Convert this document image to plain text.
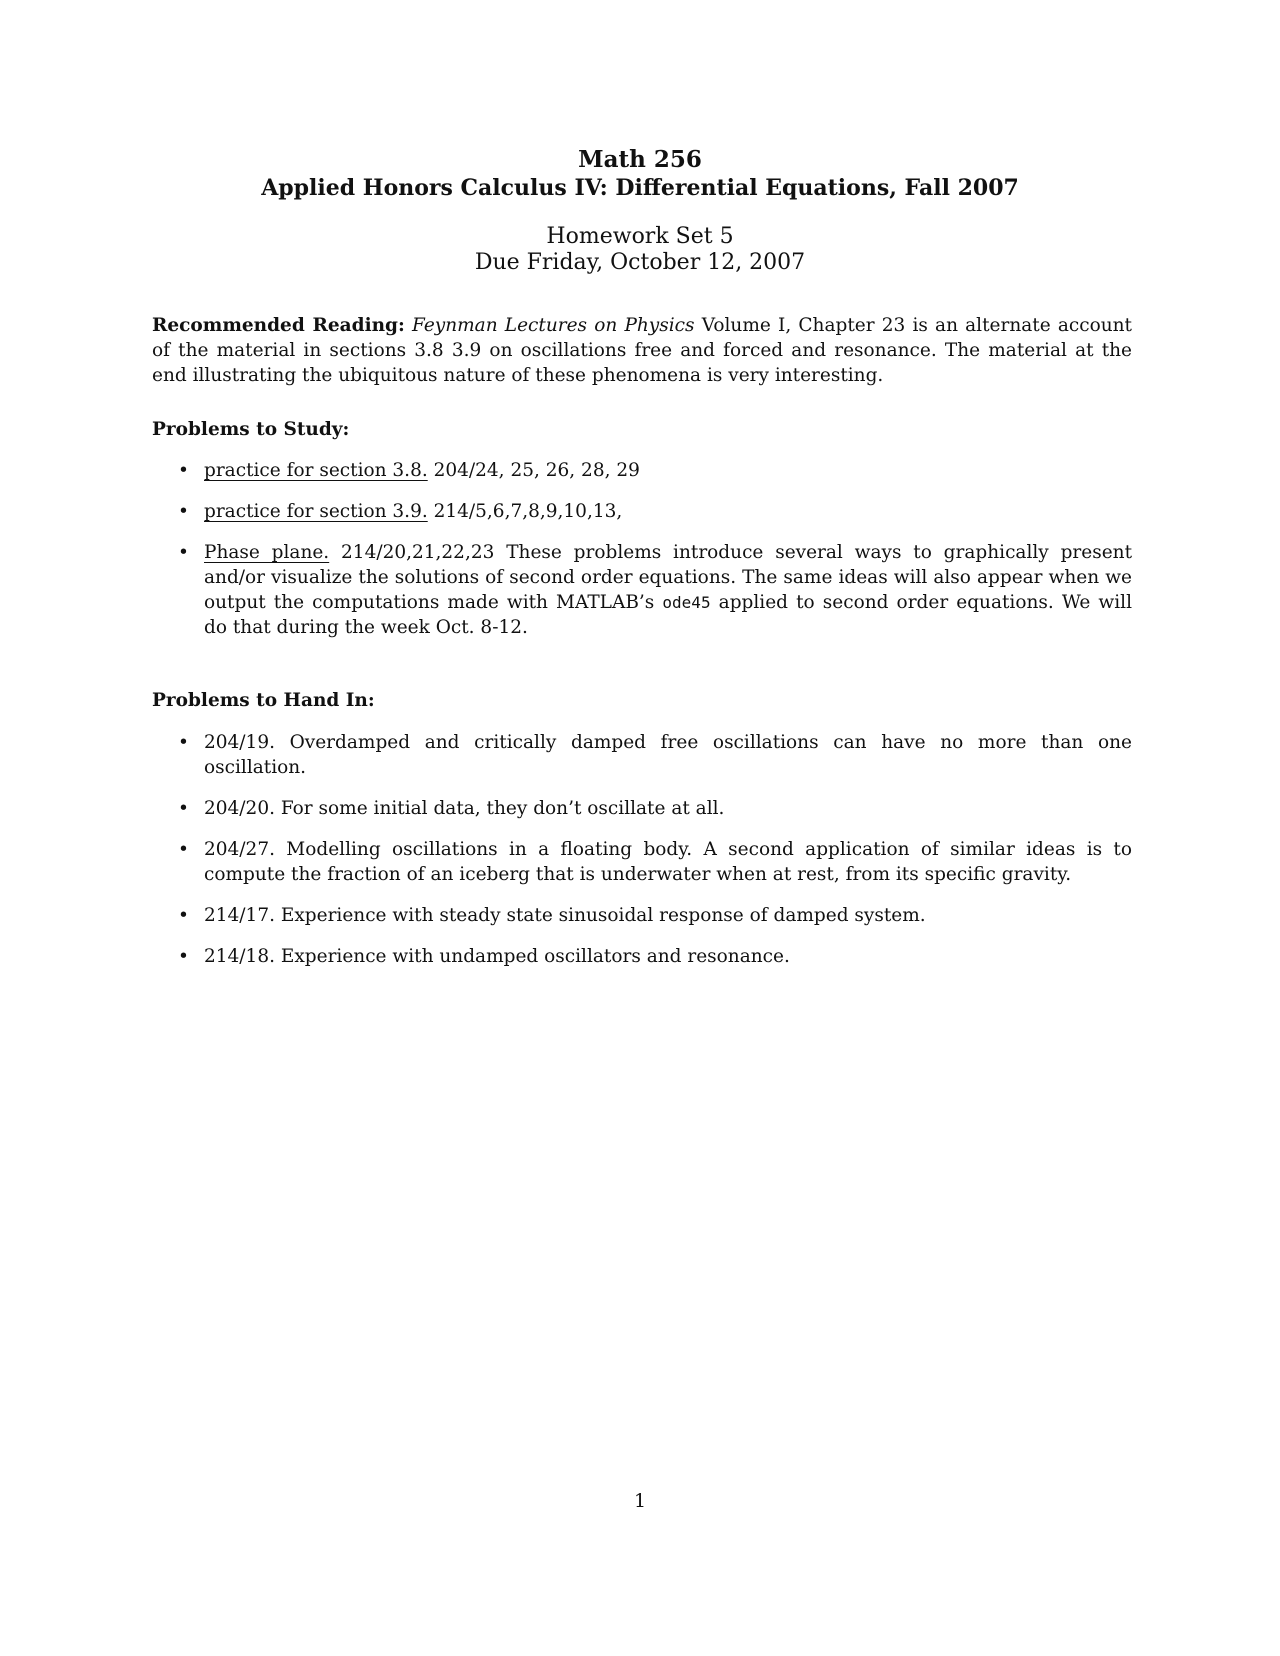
Math 256
Applied Honors Calculus IV: Differential Equations, Fall 2007
Homework Set 5
Due Friday, October 12, 2007
Recommended Reading: Feynman Lectures on Physics Volume I, Chapter 23 is an alternate account of the material in sections 3.8 3.9 on oscillations free and forced and resonance. The material at the end illustrating the ubiquitous nature of these phenomena is very interesting.
Problems to Study:
• practice for section 3.8. 204/24, 25, 26, 28, 29
• practice for section 3.9. 214/5,6,7,8,9,10,13,
• Phase plane. 214/20,21,22,23 These problems introduce several ways to graphically present and/or visualize the solutions of second order equations. The same ideas will also appear when we output the computations made with MATLAB’s ode45 applied to second order equations. We will do that during the week Oct. 8-12.
Problems to Hand In:
• 204/19. Overdamped and critically damped free oscillations can have no more than one oscillation.
• 204/20. For some initial data, they don’t oscillate at all.
• 204/27. Modelling oscillations in a floating body. A second application of similar ideas is to compute the fraction of an iceberg that is underwater when at rest, from its specific gravity.
• 214/17. Experience with steady state sinusoidal response of damped system.
• 214/18. Experience with undamped oscillators and resonance.
1
